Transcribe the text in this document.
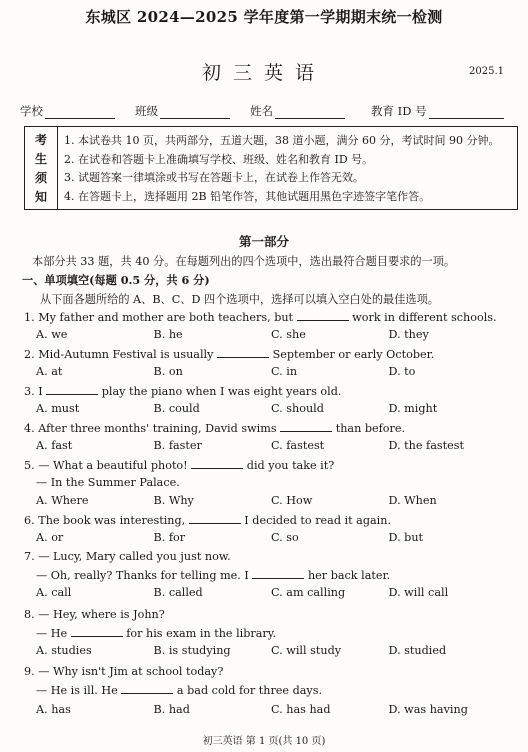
东城区 2024—2025 学年度第一学期期末统一检测
初三英语	2025.1
学校	班级	姓名	教育 ID 号
考
生
须
知
1. 本试卷共 10 页，共两部分，五道大题，38 道小题，满分 60 分，考试时间 90 分钟。
2. 在试卷和答题卡上准确填写学校、班级、姓名和教育 ID 号。
3. 试题答案一律填涂或书写在答题卡上，在试卷上作答无效。
4. 在答题卡上，选择题用 2B 铅笔作答，其他试题用黑色字迹签字笔作答。
第一部分
本部分共 33 题，共 40 分。在每题列出的四个选项中，选出最符合题目要求的一项。
一、单项填空(每题 0.5 分，共 6 分)
从下面各题所给的 A、B、C、D 四个选项中，选择可以填入空白处的最佳选项。
1. My father and mother are both teachers, but	work in different schools.
A. we	B. he	C. she	D. they
2. Mid-Autumn Festival is usually	September or early October.
A. at	B. on	C. in	D. to
3. I	play the piano when I was eight years old.
A. must	B. could	C. should	D. might
4. After three months' training, David swims	than before.
A. fast	B. faster	C. fastest	D. the fastest
5. — What a beautiful photo!	did you take it?
— In the Summer Palace.
A. Where	B. Why	C. How	D. When
6. The book was interesting,	I decided to read it again.
A. or	B. for	C. so	D. but
7. — Lucy, Mary called you just now.
— Oh, really? Thanks for telling me. I	her back later.
A. call	B. called	C. am calling	D. will call
8. — Hey, where is John?
— He	for his exam in the library.
A. studies	B. is studying	C. will study	D. studied
9. — Why isn't Jim at school today?
— He is ill. He	a bad cold for three days.
A. has	B. had	C. has had	D. was having
初三英语 第 1 页(共 10 页)
